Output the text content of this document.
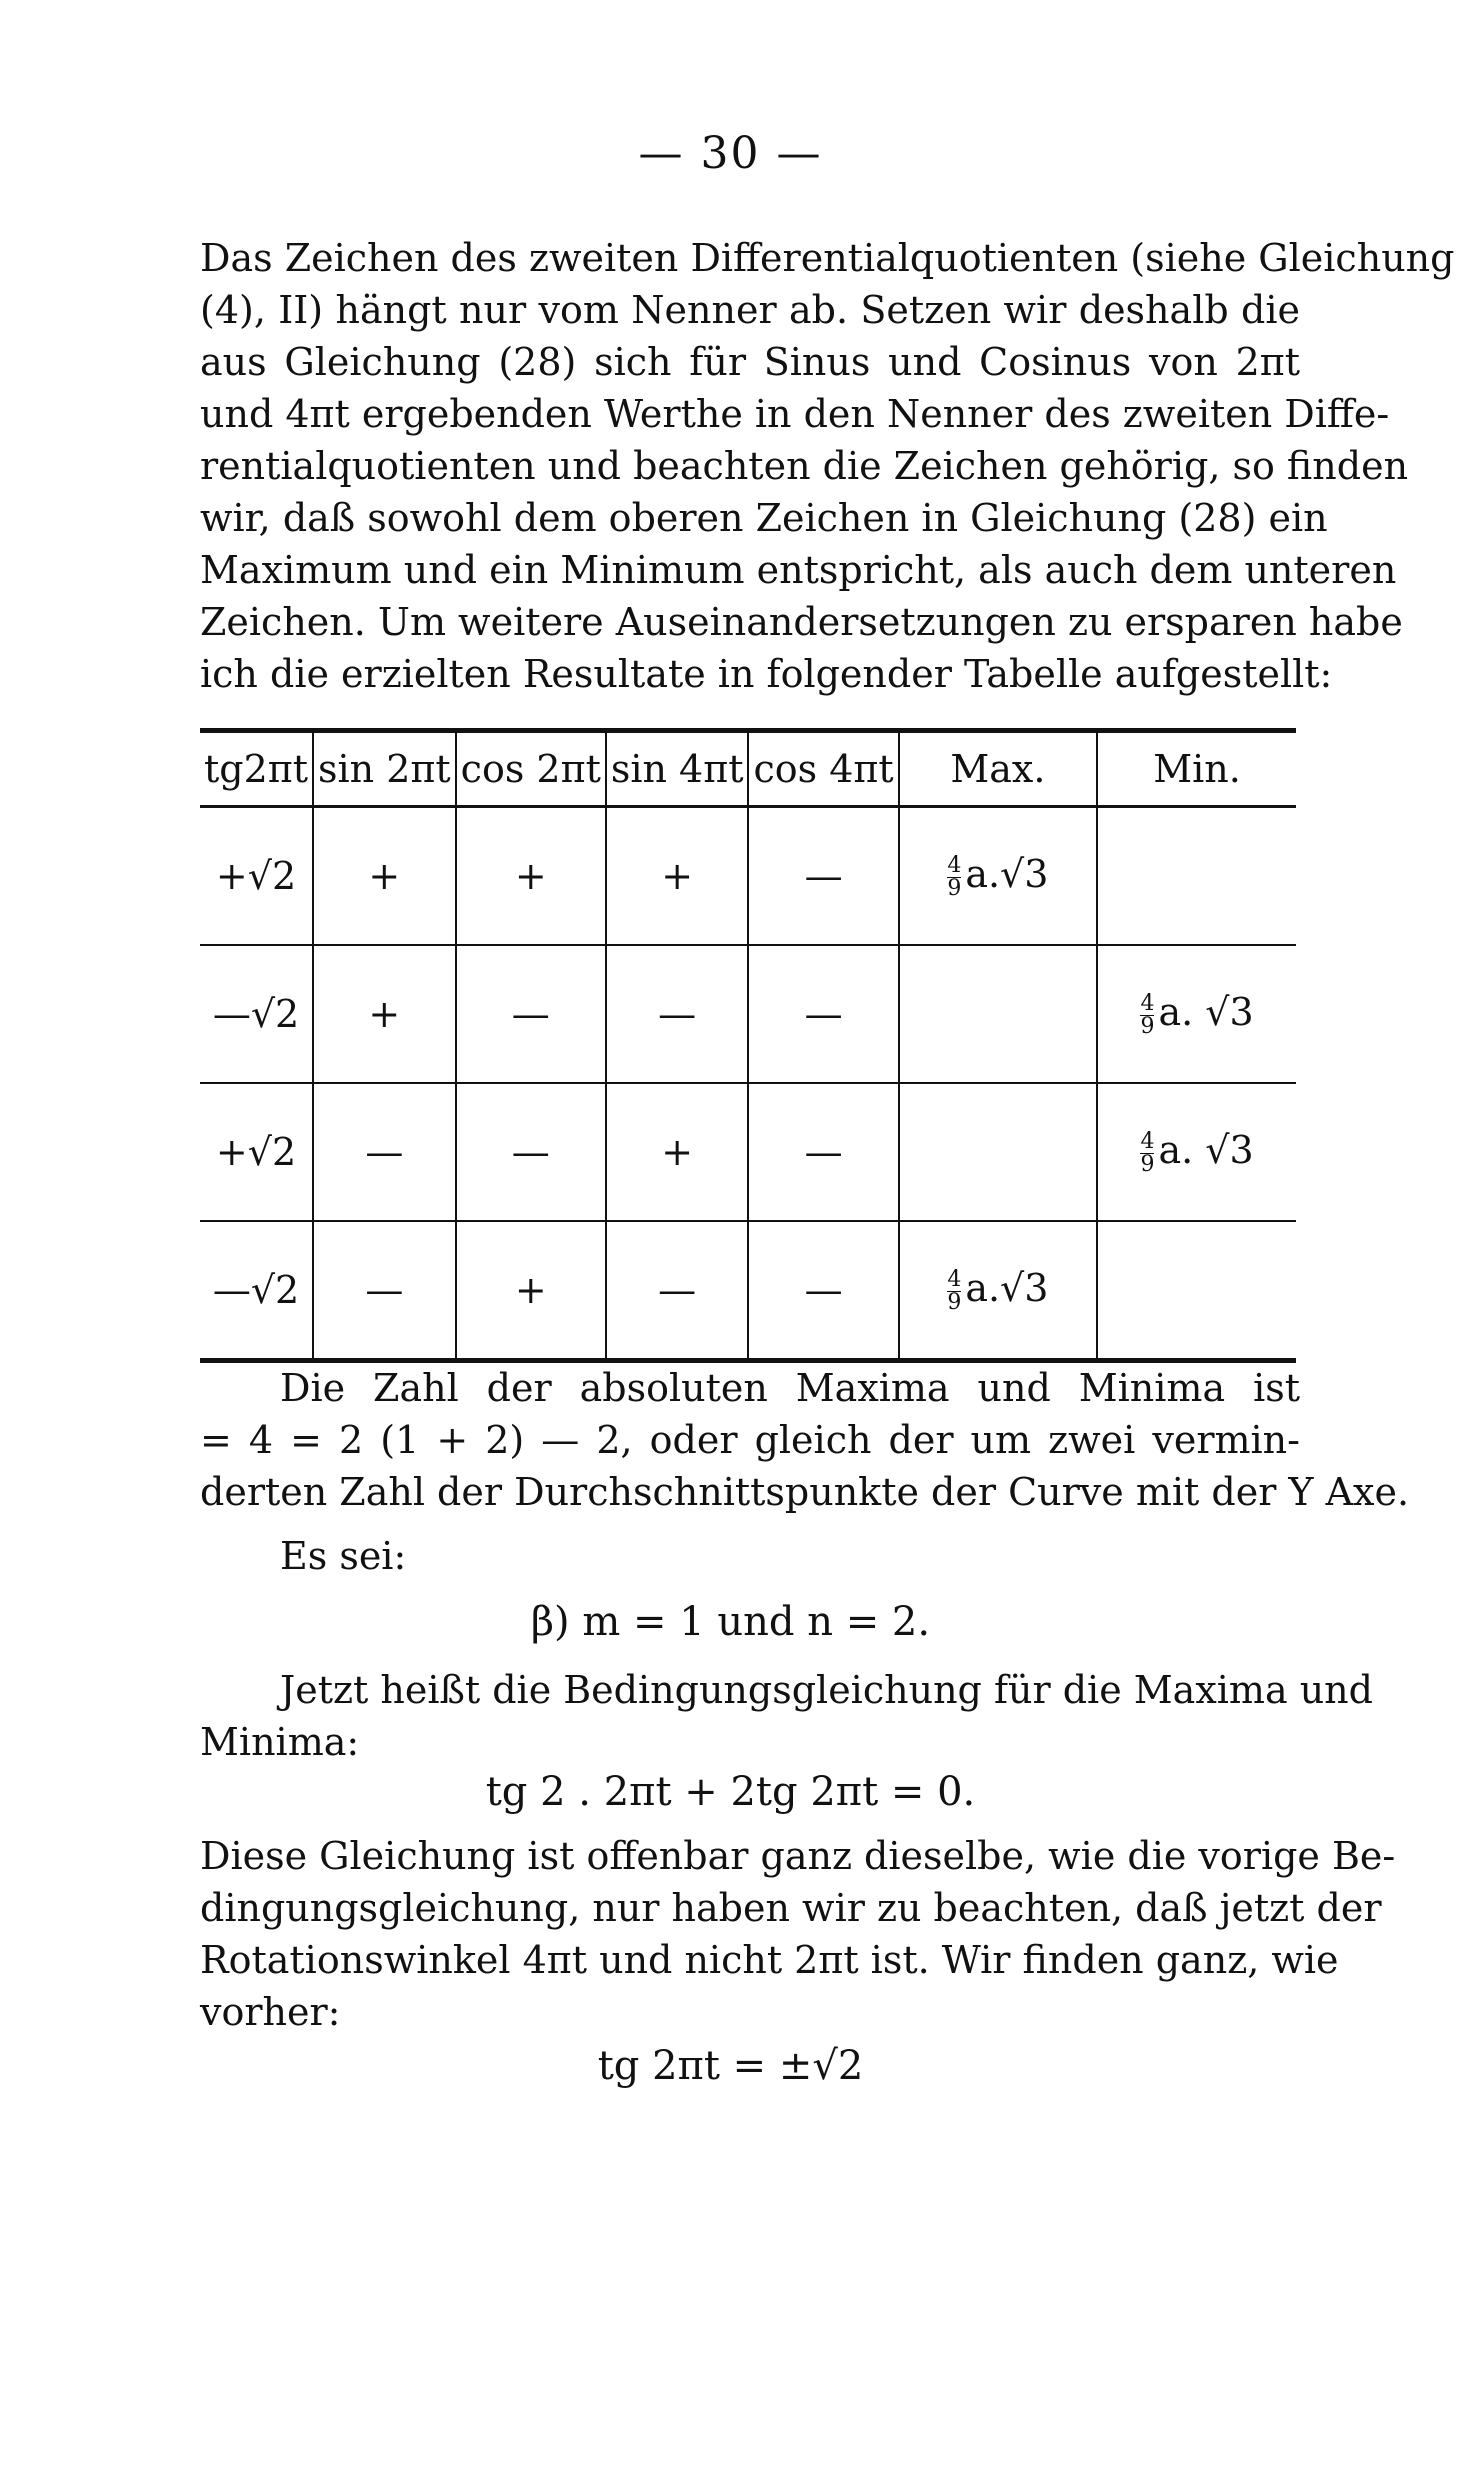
— 30 —
Das Zeichen des zweiten Differentialquotienten (siehe Gleichung
(4), II) hängt nur vom Nenner ab. Setzen wir deshalb die
aus Gleichung (28) sich für Sinus und Cosinus von 2πt
und 4πt ergebenden Werthe in den Nenner des zweiten Diffe-
rentialquotienten und beachten die Zeichen gehörig, so finden
wir, daß sowohl dem oberen Zeichen in Gleichung (28) ein
Maximum und ein Minimum entspricht, als auch dem unteren
Zeichen. Um weitere Auseinandersetzungen zu ersparen habe
ich die erzielten Resultate in folgender Tabelle aufgestellt:
tg2πt	sin 2πt	cos 2πt	sin 4πt	cos 4πt	Max.	Min.
+√2	+	+	+	—	$\frac{4}{9} a.√3$	
—√2	+	—	—	—		$\frac{4}{9} a$. √3
+√2	—	—	+	—		$\frac{4}{9} a$. √3
—√2	—	+	—	—	$\frac{4}{9} a.√3$	
Die Zahl der absoluten Maxima und Minima ist
= 4 = 2 (1 + 2) — 2, oder gleich der um zwei vermin-
derten Zahl der Durchschnittspunkte der Curve mit der Y Axe.
Es sei:
β) m = 1 und n = 2.
Jetzt heißt die Bedingungsgleichung für die Maxima und
Minima:
tg 2 . 2πt + 2tg 2πt = 0.
Diese Gleichung ist offenbar ganz dieselbe, wie die vorige Be-
dingungsgleichung, nur haben wir zu beachten, daß jetzt der
Rotationswinkel 4πt und nicht 2πt ist. Wir finden ganz, wie
vorher:
tg 2πt = ±√2
